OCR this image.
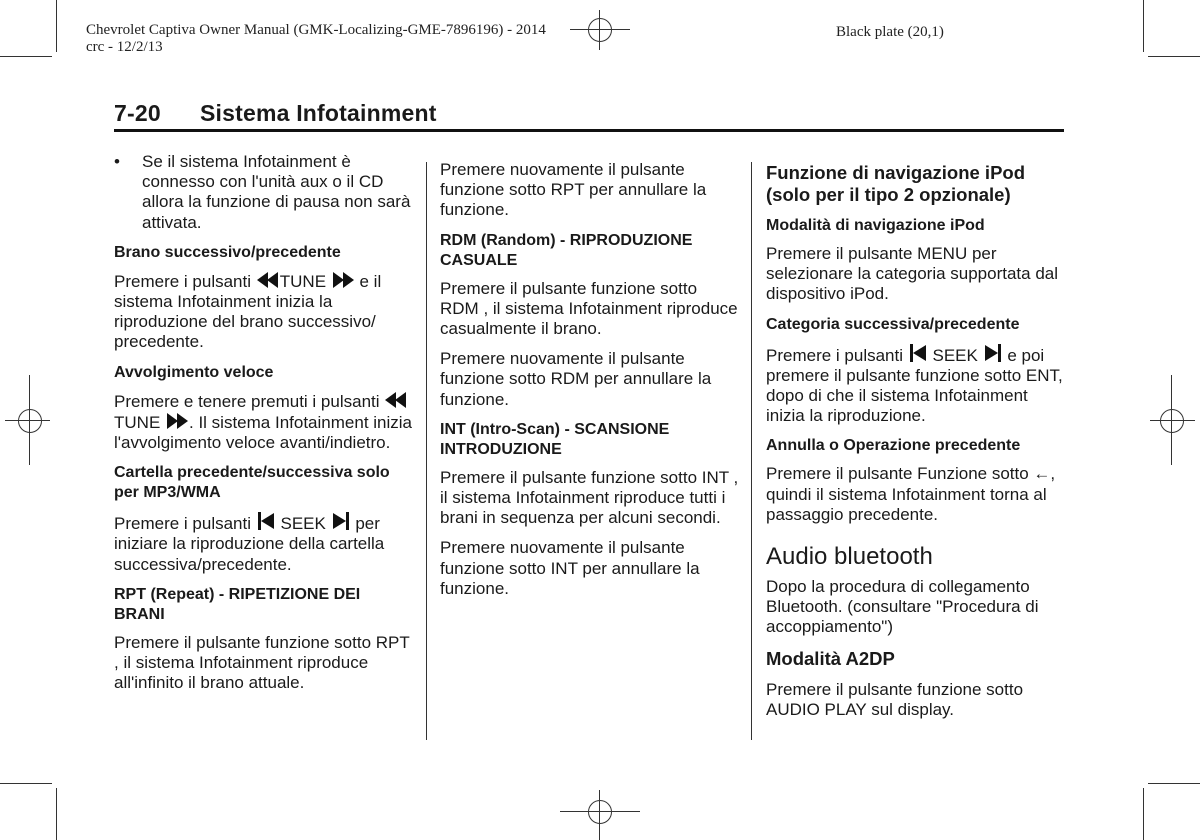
Chevrolet Captiva Owner Manual (GMK-Localizing-GME-7896196) - 2014
crc - 12/2/13
Black plate (20,1)
7-20 Sistema Infotainment
• Se il sistema Infotainment è connesso con l'unità aux o il CD allora la funzione di pausa non sarà attivata.
Brano successivo/precedente

Premere i pulsanti TUNE e il sistema Infotainment inizia la riproduzione del brano successivo/ precedente.

Avvolgimento veloce

Premere e tenere premuti i pulsanti TUNE . Il sistema Infotainment inizia l'avvolgimento veloce avanti/indietro.

Cartella precedente/successiva solo per MP3/WMA

Premere i pulsanti SEEK per iniziare la riproduzione della cartella successiva/precedente.

RPT (Repeat) - RIPETIZIONE DEI BRANI

Premere il pulsante funzione sotto RPT , il sistema Infotainment riproduce all'infinito il brano attuale.

Premere nuovamente il pulsante funzione sotto RPT per annullare la funzione.

RDM (Random) - RIPRODUZIONE CASUALE

Premere il pulsante funzione sotto RDM , il sistema Infotainment riproduce casualmente il brano.

Premere nuovamente il pulsante funzione sotto RDM per annullare la funzione.

INT (Intro-Scan) - SCANSIONE INTRODUZIONE

Premere il pulsante funzione sotto INT , il sistema Infotainment riproduce tutti i brani in sequenza per alcuni secondi.

Premere nuovamente il pulsante funzione sotto INT per annullare la funzione.

Funzione di navigazione iPod (solo per il tipo 2 opzionale)
Modalità di navigazione iPod

Premere il pulsante MENU per selezionare la categoria supportata dal dispositivo iPod.

Categoria successiva/precedente

Premere i pulsanti SEEK e poi premere il pulsante funzione sotto ENT, dopo di che il sistema Infotainment inizia la riproduzione.

Annulla o Operazione precedente

Premere il pulsante Funzione sotto ←, quindi il sistema Infotainment torna al passaggio precedente.

Audio bluetooth

Dopo la procedura di collegamento Bluetooth. (consultare "Procedura di accoppiamento")

Modalità A2DP

Premere il pulsante funzione sotto AUDIO PLAY sul display.
